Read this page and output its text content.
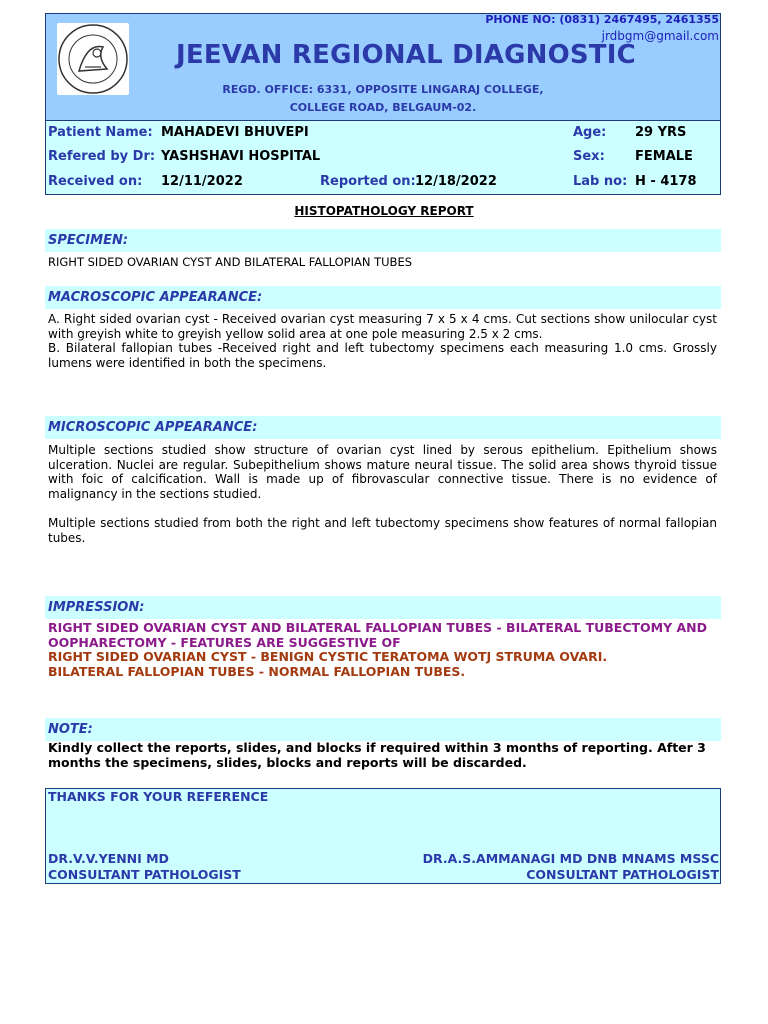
PHONE NO: (0831) 2467495, 2461355
jrdbgm@gmail.com
JEEVAN REGIONAL DIAGNOSTIC
REGD. OFFICE: 6331, OPPOSITE LINGARAJ COLLEGE,
COLLEGE ROAD, BELGAUM-02.
Patient Name: MAHADEVI BHUVEPI	Age: 29 YRS
Refered by Dr: YASHSHAVI HOSPITAL	Sex: FEMALE
Received on: 12/11/2022	Reported on: 12/18/2022	Lab no: H - 4178
HISTOPATHOLOGY REPORT
SPECIMEN:
RIGHT SIDED OVARIAN CYST AND BILATERAL FALLOPIAN TUBES
MACROSCOPIC APPEARANCE:
A. Right sided ovarian cyst - Received ovarian cyst measuring 7 x 5 x 4 cms. Cut sections show unilocular cyst with greyish white to greyish yellow solid area at one pole measuring 2.5 x 2 cms.
B. Bilateral fallopian tubes -Received right and left tubectomy specimens each measuring 1.0 cms. Grossly lumens were identified in both the specimens.
MICROSCOPIC APPEARANCE:
Multiple sections studied show structure of ovarian cyst lined by serous epithelium. Epithelium shows ulceration. Nuclei are regular. Subepithelium shows mature neural tissue. The solid area shows thyroid tissue with foic of calcification. Wall is made up of fibrovascular connective tissue. There is no evidence of malignancy in the sections studied.
Multiple sections studied from both the right and left tubectomy specimens show features of normal fallopian tubes.
IMPRESSION:
RIGHT SIDED OVARIAN CYST AND BILATERAL FALLOPIAN TUBES - BILATERAL TUBECTOMY AND OOPHARECTOMY - FEATURES ARE SUGGESTIVE OF
RIGHT SIDED OVARIAN CYST - BENIGN CYSTIC TERATOMA WOTJ STRUMA OVARI.
BILATERAL FALLOPIAN TUBES - NORMAL FALLOPIAN TUBES.
NOTE:
Kindly collect the reports, slides, and blocks if required within 3 months of reporting. After 3 months the specimens, slides, blocks and reports will be discarded.
THANKS FOR YOUR REFERENCE
DR.V.V.YENNI MD
CONSULTANT PATHOLOGIST
DR.A.S.AMMANAGI MD DNB MNAMS MSSC
CONSULTANT PATHOLOGIST
